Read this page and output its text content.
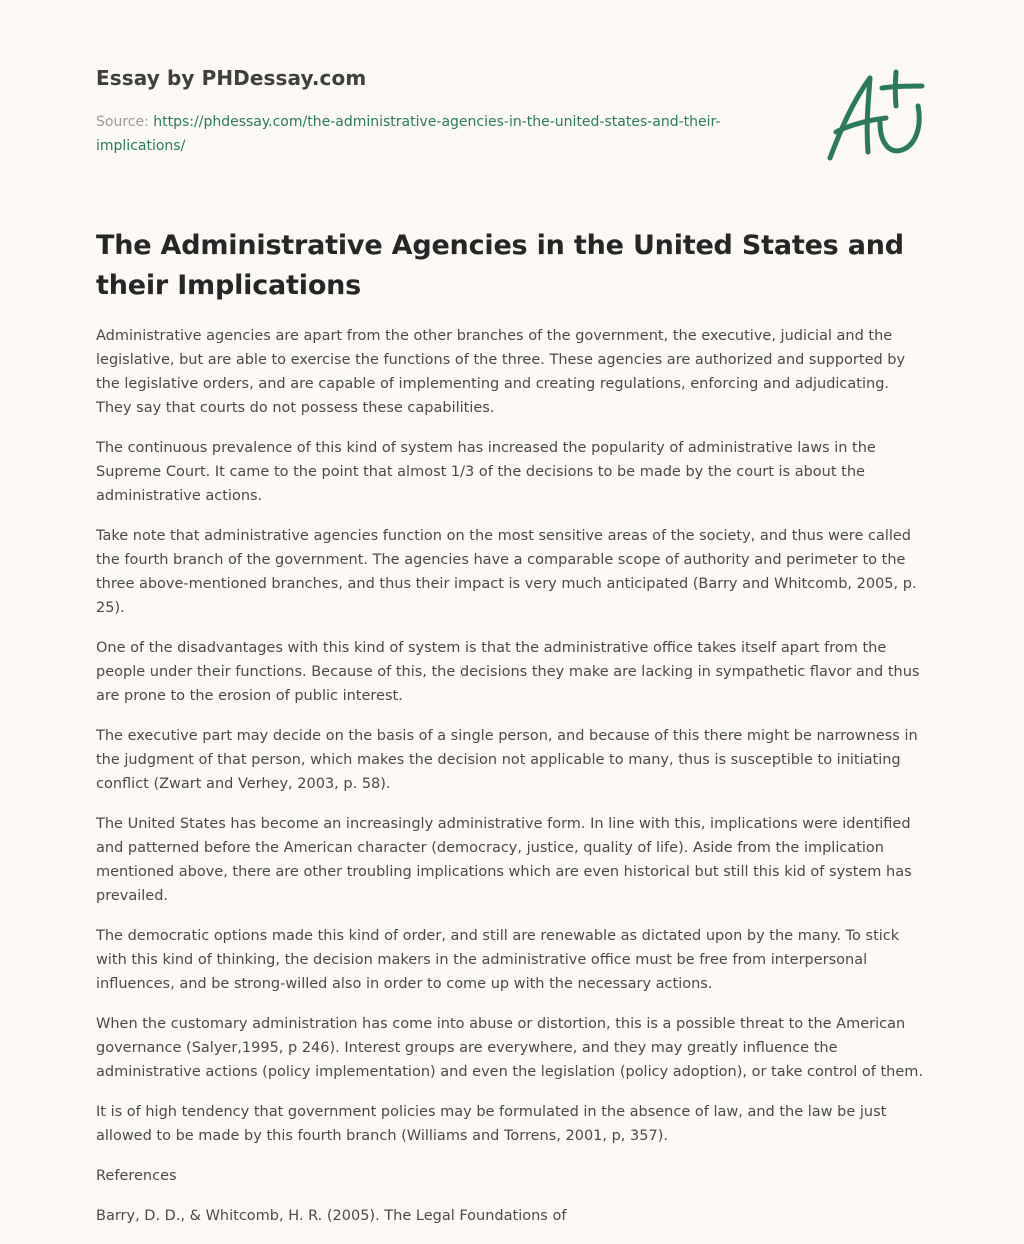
Essay by PHDessay.com
Source: https://phdessay.com/the-administrative-agencies-in-the-united-states-and-their-implications/
The Administrative Agencies in the United States and their Implications

Administrative agencies are apart from the other branches of the government, the executive, judicial and the legislative, but are able to exercise the functions of the three. These agencies are authorized and supported by the legislative orders, and are capable of implementing and creating regulations, enforcing and adjudicating. They say that courts do not possess these capabilities.

The continuous prevalence of this kind of system has increased the popularity of administrative laws in the Supreme Court. It came to the point that almost 1/3 of the decisions to be made by the court is about the administrative actions.

Take note that administrative agencies function on the most sensitive areas of the society, and thus were called the fourth branch of the government. The agencies have a comparable scope of authority and perimeter to the three above-mentioned branches, and thus their impact is very much anticipated (Barry and Whitcomb, 2005, p. 25).

One of the disadvantages with this kind of system is that the administrative office takes itself apart from the people under their functions. Because of this, the decisions they make are lacking in sympathetic flavor and thus are prone to the erosion of public interest.

The executive part may decide on the basis of a single person, and because of this there might be narrowness in the judgment of that person, which makes the decision not applicable to many, thus is susceptible to initiating conflict (Zwart and Verhey, 2003, p. 58).

The United States has become an increasingly administrative form. In line with this, implications were identified and patterned before the American character (democracy, justice, quality of life). Aside from the implication mentioned above, there are other troubling implications which are even historical but still this kid of system has prevailed.

The democratic options made this kind of order, and still are renewable as dictated upon by the many. To stick with this kind of thinking, the decision makers in the administrative office must be free from interpersonal influences, and be strong-willed also in order to come up with the necessary actions.

When the customary administration has come into abuse or distortion, this is a possible threat to the American governance (Salyer,1995, p 246). Interest groups are everywhere, and they may greatly influence the administrative actions (policy implementation) and even the legislation (policy adoption), or take control of them.

It is of high tendency that government policies may be formulated in the absence of law, and the law be just allowed to be made by this fourth branch (Williams and Torrens, 2001, p, 357).

References

Barry, D. D., & Whitcomb, H. R. (2005). The Legal Foundations of
